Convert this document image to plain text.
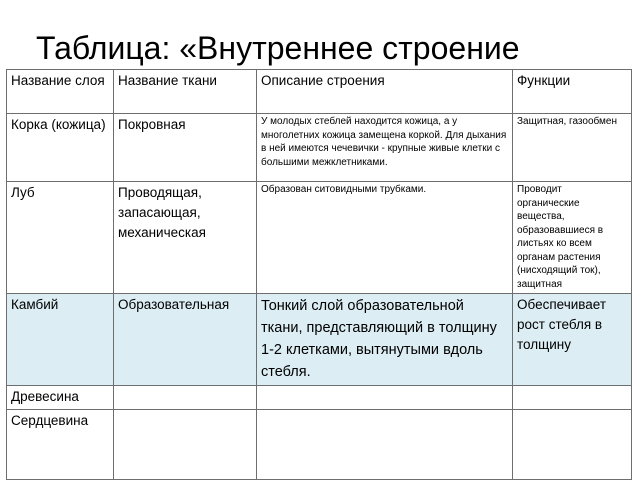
Таблица: «Внутреннее строение
Название слоя	Название ткани	Описание строения	Функции
Корка (кожица)	Покровная	У молодых стеблей находится кожица, а у многолетних кожица замещена коркой. Для дыхания в ней имеются чечевички - крупные живые клетки с большими межклетниками.	Защитная, газообмен
Луб	Проводящая, запасающая, механическая	Образован ситовидными трубками.	Проводит органические вещества, образовавшиеся в листьях ко всем органам растения (нисходящий ток), защитная
Камбий	Образовательная	Тонкий слой образовательной ткани, представляющий в толщину 1-2 клетками, вытянутыми вдоль стебля.	Обеспечивает рост стебля в толщину
Древесина			
Сердцевина			
